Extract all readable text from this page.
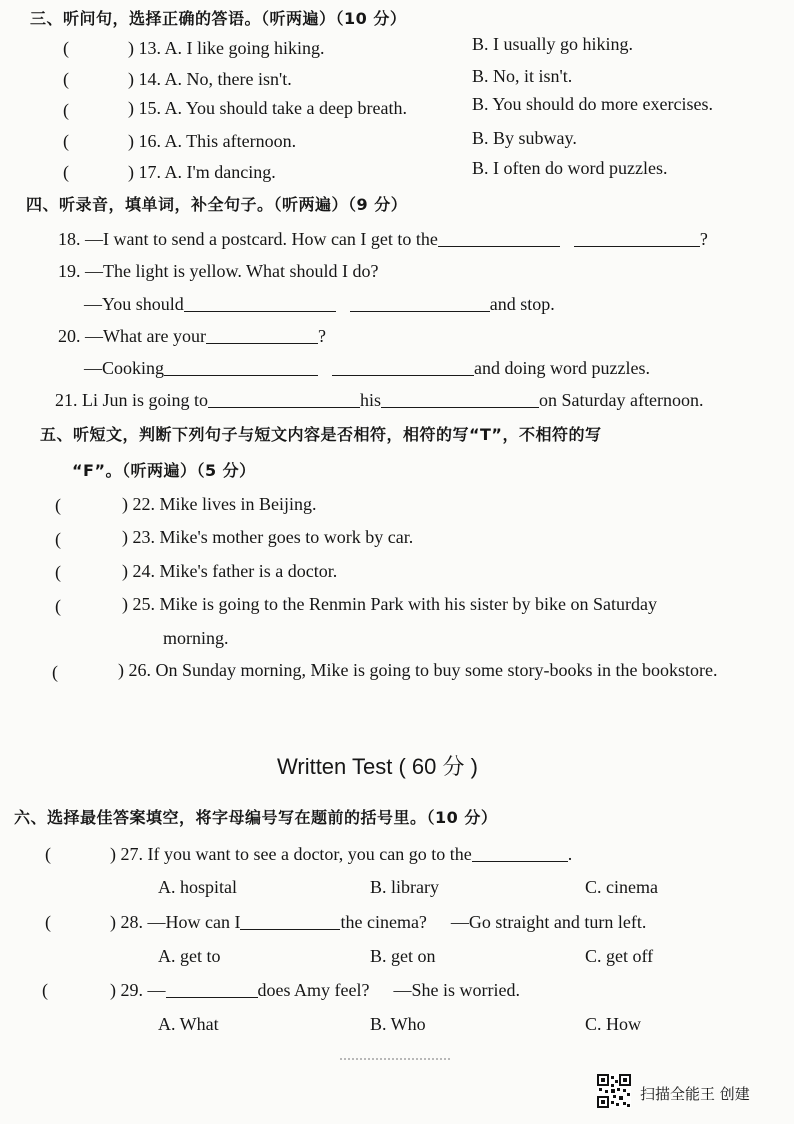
三、听问句，选择正确的答语。（听两遍）（10 分）
(	) 13. A. I like going hiking.	B. I usually go hiking.
(	) 14. A. No, there isn't.	B. No, it isn't.
(	) 15. A. You should take a deep breath.	B. You should do more exercises.
(	) 16. A. This afternoon.	B. By subway.
(	) 17. A. I'm dancing.	B. I often do word puzzles.
四、听录音，填单词，补全句子。（听两遍）（9 分）
18. —I want to send a postcard. How can I get to the	?
19. —The light is yellow. What should I do?
—You should	and stop.
20. —What are your	?
—Cooking	and doing word puzzles.
21. Li Jun is going to	his	on Saturday afternoon.
五、听短文，判断下列句子与短文内容是否相符，相符的写“T”，不相符的写
“F”。（听两遍）（5 分）
(	) 22. Mike lives in Beijing.
(	) 23. Mike's mother goes to work by car.
(	) 24. Mike's father is a doctor.
(	) 25. Mike is going to the Renmin Park with his sister by bike on Saturday
morning.
(	) 26. On Sunday morning, Mike is going to buy some story-books in the bookstore.
Written Test ( 60 分 )
六、选择最佳答案填空，将字母编号写在题前的括号里。（10 分）
(	) 27. If you want to see a doctor, you can go to the	.
A. hospital	B. library	C. cinema
(	) 28. —How can I	the cinema? —Go straight and turn left.
A. get to	B. get on	C. get off
(	) 29. —	does Amy feel? —She is worried.
A. What	B. Who	C. How
扫描全能王 创建
